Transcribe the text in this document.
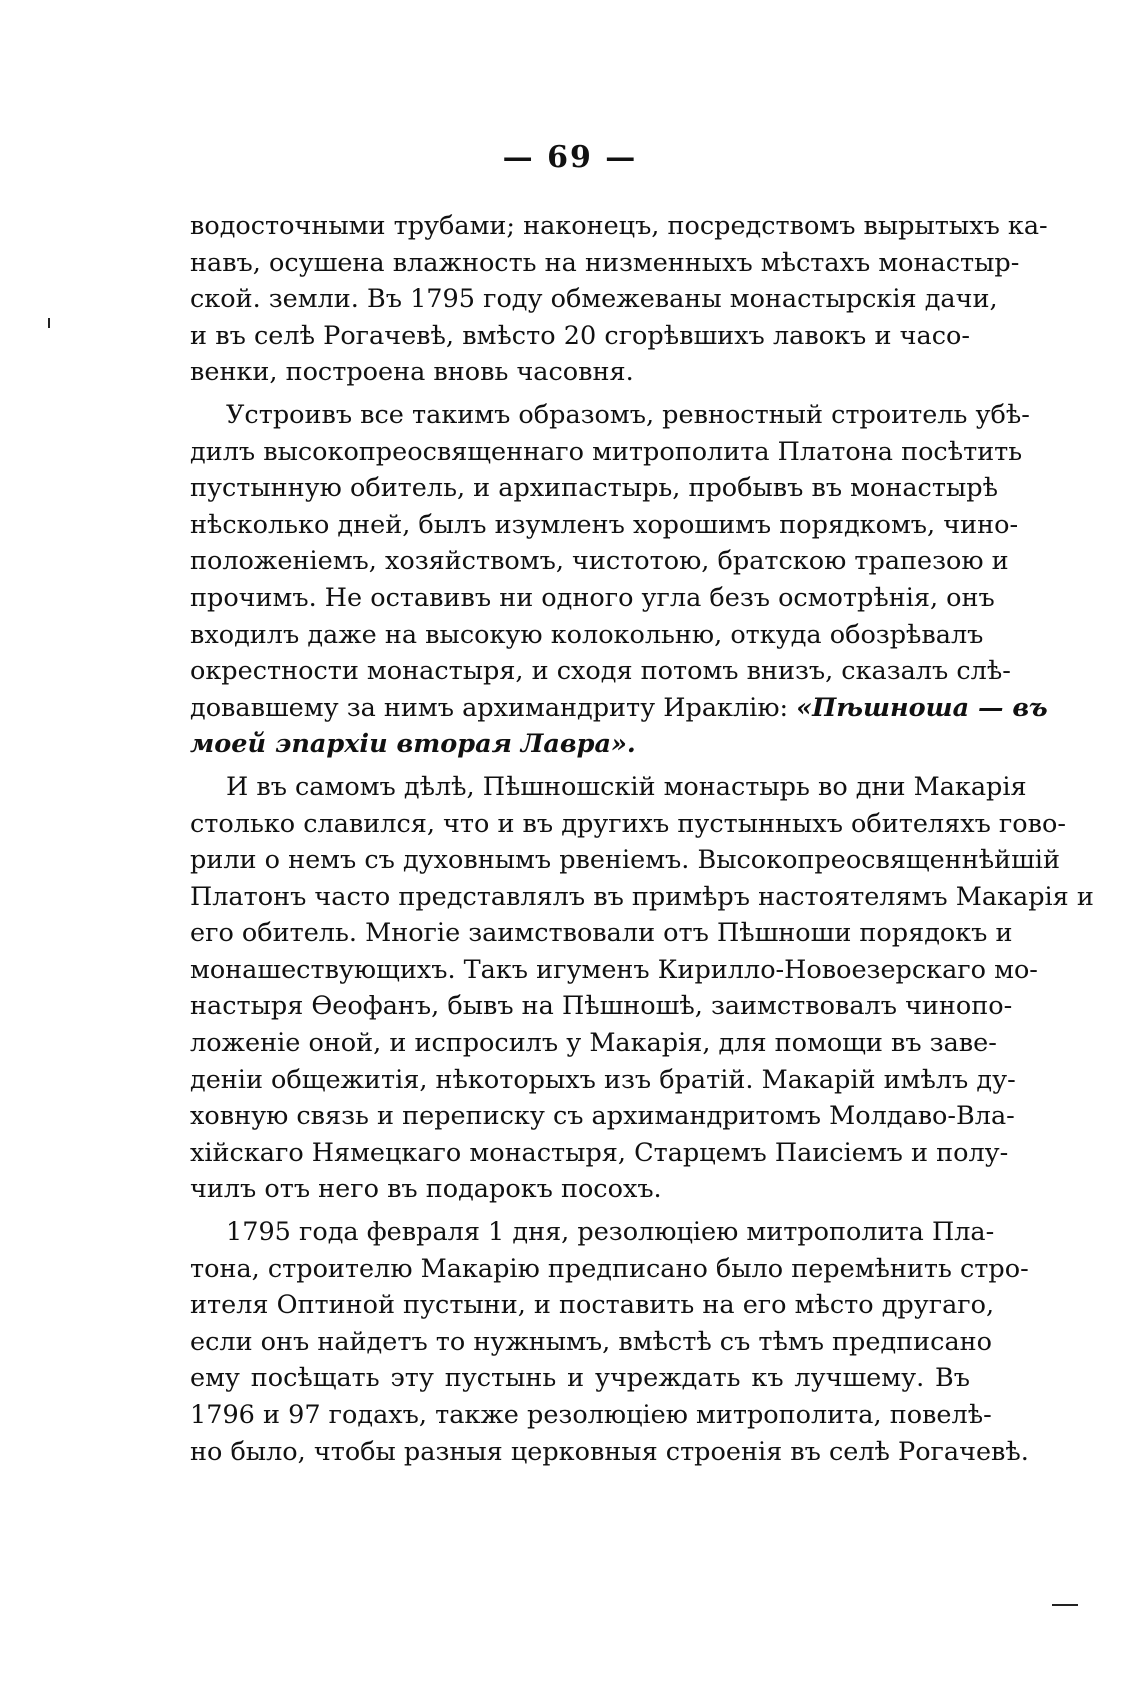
— 69 —
водосточными трубами; наконецъ, посредствомъ вырытыхъ ка-
навъ, осушена влажность на низменныхъ мѣстахъ монастыр-
ской. земли. Въ 1795 году обмежеваны монастырскія дачи,
и въ селѣ Рогачевѣ, вмѣсто 20 сгорѣвшихъ лавокъ и часо-
венки, построена вновь часовня.
Устроивъ все такимъ образомъ, ревностный строитель убѣ-
дилъ высокопреосвященнаго митрополита Платона посѣтить
пустынную обитель, и архипастырь, пробывъ въ монастырѣ
нѣсколько дней, былъ изумленъ хорошимъ порядкомъ, чино-
положеніемъ, хозяйствомъ, чистотою, братскою трапезою и
прочимъ. Не оставивъ ни одного угла безъ осмотрѣнія, онъ
входилъ даже на высокую колокольню, откуда обозрѣвалъ
окрестности монастыря, и сходя потомъ внизъ, сказалъ слѣ-
довавшему за нимъ архимандриту Ираклію: «Пѣшноша — въ
моей эпархіи вторая Лавра».
И въ самомъ дѣлѣ, Пѣшношскій монастырь во дни Макарія
столько славился, что и въ другихъ пустынныхъ обителяхъ гово-
рили о немъ съ духовнымъ рвеніемъ. Высокопреосвященнѣйшій
Платонъ часто представлялъ въ примѣръ настоятелямъ Макарія и
его обитель. Многіе заимствовали отъ Пѣшноши порядокъ и
монашествующихъ. Такъ игуменъ Кирилло-Новоезерскаго мо-
настыря Ѳеофанъ, бывъ на Пѣшношѣ, заимствовалъ чинопо-
ложеніе оной, и испросилъ у Макарія, для помощи въ заве-
деніи общежитія, нѣкоторыхъ изъ братій. Макарій имѣлъ ду-
ховную связь и переписку съ архимандритомъ Молдаво-Вла-
хійскаго Нямецкаго монастыря, Старцемъ Паисіемъ и полу-
чилъ отъ него въ подарокъ посохъ.
1795 года февраля 1 дня, резолюціею митрополита Пла-
тона, строителю Макарію предписано было перемѣнить стро-
ителя Оптиной пустыни, и поставить на его мѣсто другаго,
если онъ найдетъ то нужнымъ, вмѣстѣ съ тѣмъ предписано
ему посѣщать эту пустынь и учреждать къ лучшему. Въ
1796 и 97 годахъ, также резолюціею митрополита, повелѣ-
но было, чтобы разныя церковныя строенія въ селѣ Рогачевѣ.
